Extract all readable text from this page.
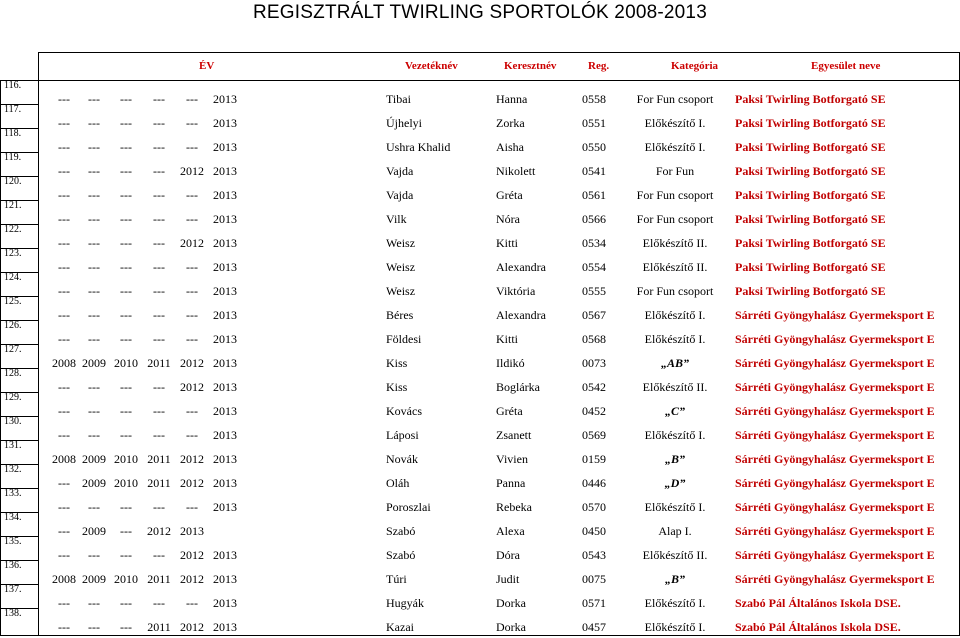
REGISZTRÁLT TWIRLING SPORTOLÓK 2008-2013
ÉV	Vezetéknév	Keresztnév	Reg.	Kategória	Egyesület neve
116.
---	---	---	---	---	2013	Tibai	Hanna	0558	For Fun csoport	Paksi Twirling Botforgató SE
117.
---	---	---	---	---	2013	Újhelyi	Zorka	0551	Előkészítő I.	Paksi Twirling Botforgató SE
118.
---	---	---	---	---	2013	Ushra Khalid	Aisha	0550	Előkészítő I.	Paksi Twirling Botforgató SE
119.
---	---	---	---	2012 2013	Vajda	Nikolett	0541	For Fun	Paksi Twirling Botforgató SE
120.
---	---	---	---	---	2013	Vajda	Gréta	0561	For Fun csoport	Paksi Twirling Botforgató SE
121.
---	---	---	---	---	2013	Vilk	Nóra	0566	For Fun csoport	Paksi Twirling Botforgató SE
122.
---	---	---	---	2012 2013	Weisz	Kitti	0534	Előkészítő II.	Paksi Twirling Botforgató SE
123.
---	---	---	---	---	2013	Weisz	Alexandra	0554	Előkészítő II.	Paksi Twirling Botforgató SE
124.
---	---	---	---	---	2013	Weisz	Viktória	0555	For Fun csoport	Paksi Twirling Botforgató SE
125.
---	---	---	---	---	2013	Béres	Alexandra	0567	Előkészítő I.	Sárréti Gyöngyhalász Gyermeksport E
126.
---	---	---	---	---	2013	Földesi	Kitti	0568	Előkészítő I.	Sárréti Gyöngyhalász Gyermeksport E
127.
2008 2009 2010 2011 2012 2013	Kiss	Ildikó	0073	„AB”	Sárréti Gyöngyhalász Gyermeksport E
128.
---	---	---	---	2012 2013	Kiss	Boglárka	0542	Előkészítő II.	Sárréti Gyöngyhalász Gyermeksport E
129.
---	---	---	---	---	2013	Kovács	Gréta	0452	„C”	Sárréti Gyöngyhalász Gyermeksport E
130.
---	---	---	---	---	2013	Láposi	Zsanett	0569	Előkészítő I.	Sárréti Gyöngyhalász Gyermeksport E
131.
2008 2009 2010 2011 2012 2013	Novák	Vivien	0159	„B”	Sárréti Gyöngyhalász Gyermeksport E
132.
---	2009 2010 2011 2012 2013	Oláh	Panna	0446	„D”	Sárréti Gyöngyhalász Gyermeksport E
133.
---	---	---	---	---	2013	Poroszlai	Rebeka	0570	Előkészítő I.	Sárréti Gyöngyhalász Gyermeksport E
134.
---	2009	---	2012 2013	Szabó	Alexa	0450	Alap I.	Sárréti Gyöngyhalász Gyermeksport E
135.
---	---	---	---	2012 2013	Szabó	Dóra	0543	Előkészítő II.	Sárréti Gyöngyhalász Gyermeksport E
136.
2008 2009 2010 2011 2012 2013	Túri	Judit	0075	„B”	Sárréti Gyöngyhalász Gyermeksport E
137.
---	---	---	---	---	2013	Hugyák	Dorka	0571	Előkészítő I.	Szabó Pál Általános Iskola DSE.
138.
---	---	---	2011 2012 2013	Kazai	Dorka	0457	Előkészítő I.	Szabó Pál Általános Iskola DSE.
